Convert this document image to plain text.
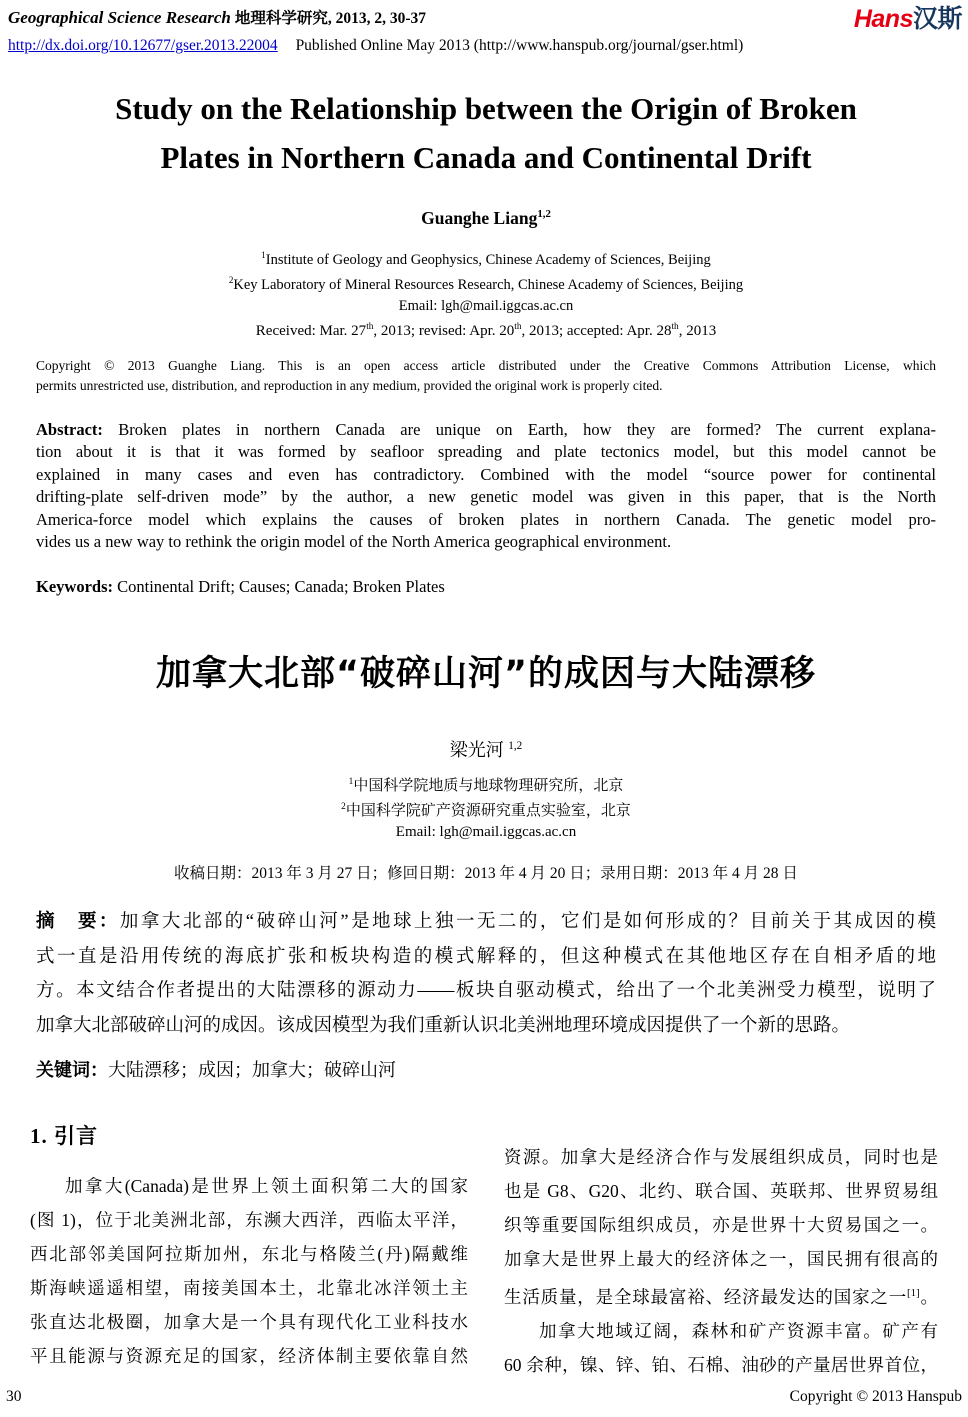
Geographical Science Research 地理科学研究, 2013, 2, 30-37	Hans汉斯
http://dx.doi.org/10.12677/gser.2013.22004 Published Online May 2013 (http://www.hanspub.org/journal/gser.html)
Study on the Relationship between the Origin of Broken
Plates in Northern Canada and Continental Drift
Guanghe Liang$^{1,2}$
$^1$Institute of Geology and Geophysics, Chinese Academy of Sciences, Beijing
$^2$Key Laboratory of Mineral Resources Research, Chinese Academy of Sciences, Beijing
Email: lgh@mail.iggcas.ac.cn
Received: Mar. 27th, 2013; revised: Apr. 20th, 2013; accepted: Apr. 28th, 2013
Copyright © 2013 Guanghe Liang. This is an open access article distributed under the Creative Commons Attribution License, which
permits unrestricted use, distribution, and reproduction in any medium, provided the original work is properly cited.
Abstract: Broken plates in northern Canada are unique on Earth, how they are formed? The current explana-
tion about it is that it was formed by seafloor spreading and plate tectonics model, but this model cannot be
explained in many cases and even has contradictory. Combined with the model “source power for continental
drifting-plate self-driven mode” by the author, a new genetic model was given in this paper, that is the North
America-force model which explains the causes of broken plates in northern Canada. The genetic model pro-
vides us a new way to rethink the origin model of the North America geographical environment.
Keywords: Continental Drift; Causes; Canada; Broken Plates
加拿大北部“破碎山河”的成因与大陆漂移
梁光河 $^{1,2}$
$^1$中国科学院地质与地球物理研究所，北京
$^2$中国科学院矿产资源研究重点实验室，北京
Email: lgh@mail.iggcas.ac.cn
收稿日期：2013 年 3 月 27 日；修回日期：2013 年 4 月 20 日；录用日期：2013 年 4 月 28 日
摘　要：加拿大北部的“破碎山河”是地球上独一无二的，它们是如何形成的？目前关于其成因的模
式一直是沿用传统的海底扩张和板块构造的模式解释的，但这种模式在其他地区存在自相矛盾的地
方。本文结合作者提出的大陆漂移的源动力——板块自驱动模式，给出了一个北美洲受力模型，说明了
加拿大北部破碎山河的成因。该成因模型为我们重新认识北美洲地理环境成因提供了一个新的思路。
关键词：大陆漂移；成因；加拿大；破碎山河
1. 引言
加拿大(Canada)是世界上领土面积第二大的国家
(图 1)，位于北美洲北部，东濒大西洋，西临太平洋，
西北部邻美国阿拉斯加州，东北与格陵兰(丹)隔戴维
斯海峡遥遥相望，南接美国本土，北靠北冰洋领土主
张直达北极圈，加拿大是一个具有现代化工业科技水
平且能源与资源充足的国家，经济体制主要依靠自然
资源。加拿大是经济合作与发展组织成员，同时也是
也是 G8、G20、北约、联合国、英联邦、世界贸易组
织等重要国际组织成员，亦是世界十大贸易国之一。
加拿大是世界上最大的经济体之一，国民拥有很高的
生活质量，是全球最富裕、经济最发达的国家之一[1]。
加拿大地域辽阔，森林和矿产资源丰富。矿产有
60 余种，镍、锌、铂、石棉、油砂的产量居世界首位，
30	Copyright © 2013 Hanspub
